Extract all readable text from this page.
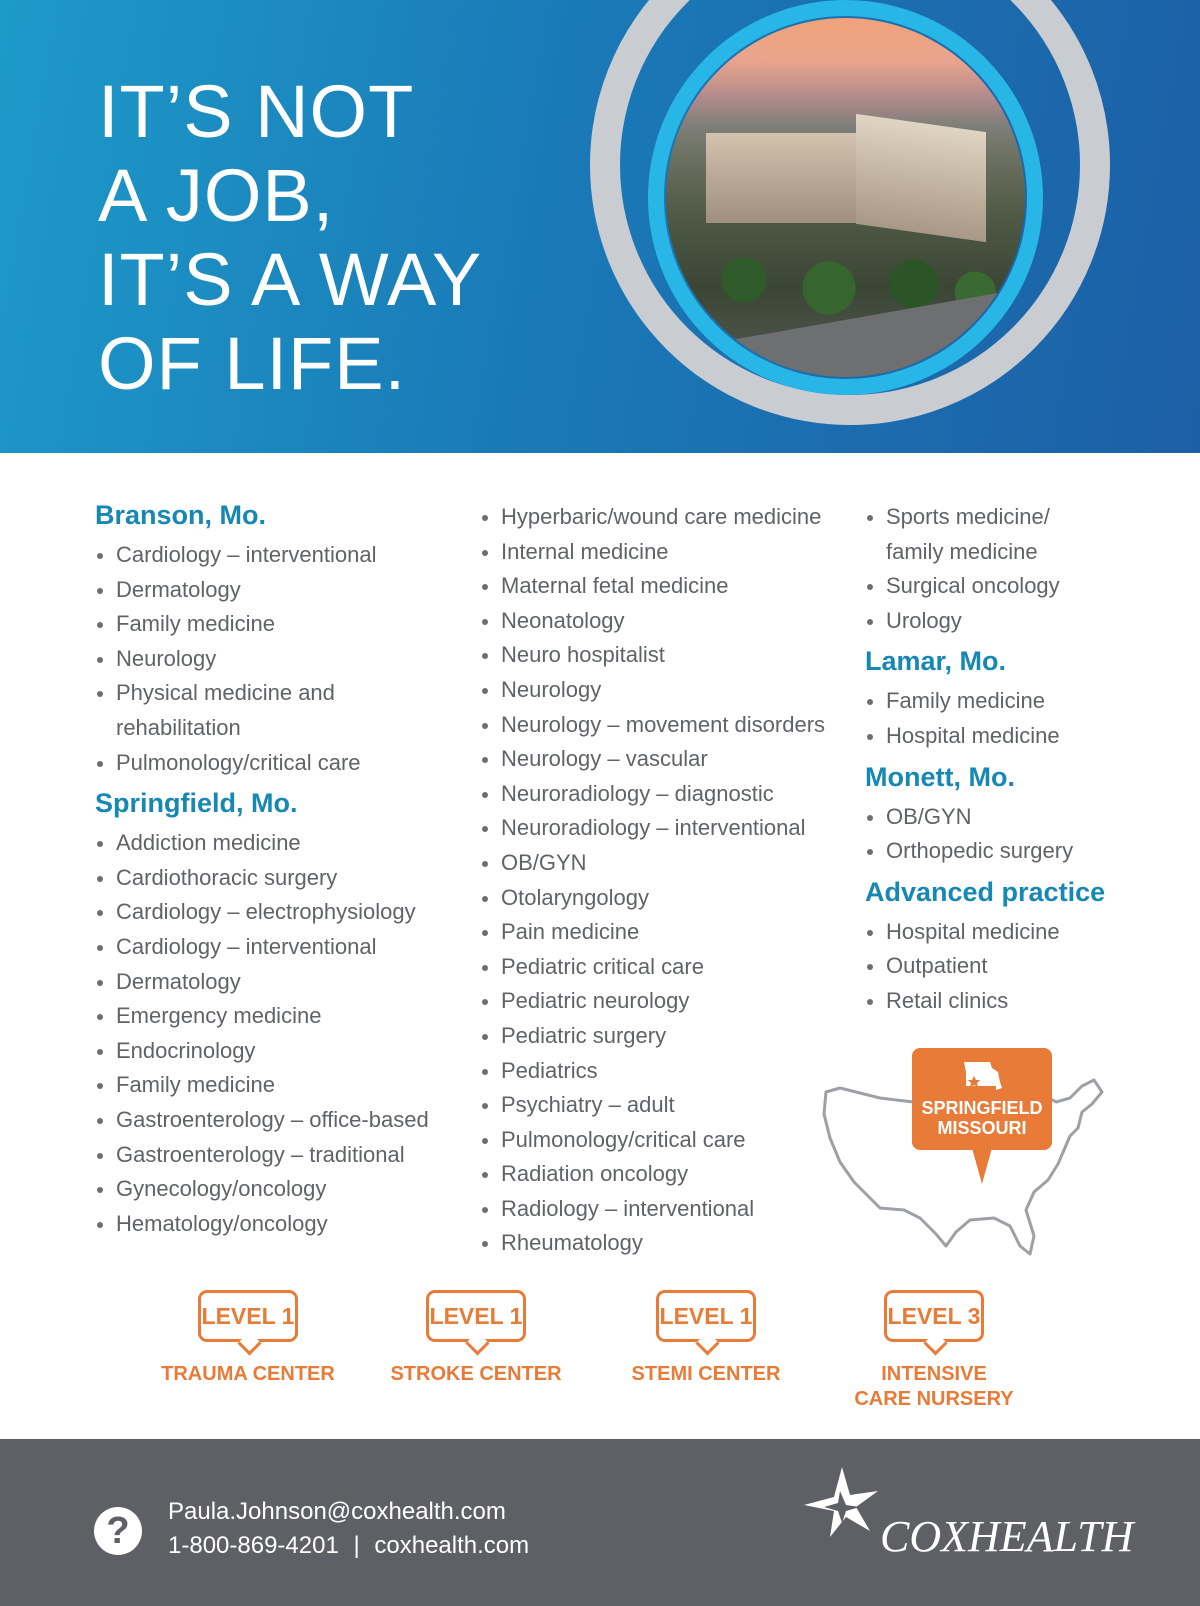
IT’S NOT
A JOB,
IT’S A WAY
OF LIFE.
Branson, Mo.
Cardiology – interventional
Dermatology
Family medicine
Neurology
Physical medicine and
rehabilitation
Pulmonology/critical care
Springfield, Mo.
Addiction medicine
Cardiothoracic surgery
Cardiology – electrophysiology
Cardiology – interventional
Dermatology
Emergency medicine
Endocrinology
Family medicine
Gastroenterology – office-based
Gastroenterology – traditional
Gynecology/oncology
Hematology/oncology
Hyperbaric/wound care medicine
Internal medicine
Maternal fetal medicine
Neonatology
Neuro hospitalist
Neurology
Neurology – movement disorders
Neurology – vascular
Neuroradiology – diagnostic
Neuroradiology – interventional
OB/GYN
Otolaryngology
Pain medicine
Pediatric critical care
Pediatric neurology
Pediatric surgery
Pediatrics
Psychiatry – adult
Pulmonology/critical care
Radiation oncology
Radiology – interventional
Rheumatology
Sports medicine/
family medicine
Surgical oncology
Urology
Lamar, Mo.
Family medicine
Hospital medicine
Monett, Mo.
OB/GYN
Orthopedic surgery
Advanced practice
Hospital medicine
Outpatient
Retail clinics
SPRINGFIELD
MISSOURI
LEVEL 1
TRAUMA CENTER
LEVEL 1
STROKE CENTER
LEVEL 1
STEMI CENTER
LEVEL 3
INTENSIVE
CARE NURSERY
?	Paula.Johnson@coxhealth.com
1-800-869-4201 | coxhealth.com	COXHEALTH
